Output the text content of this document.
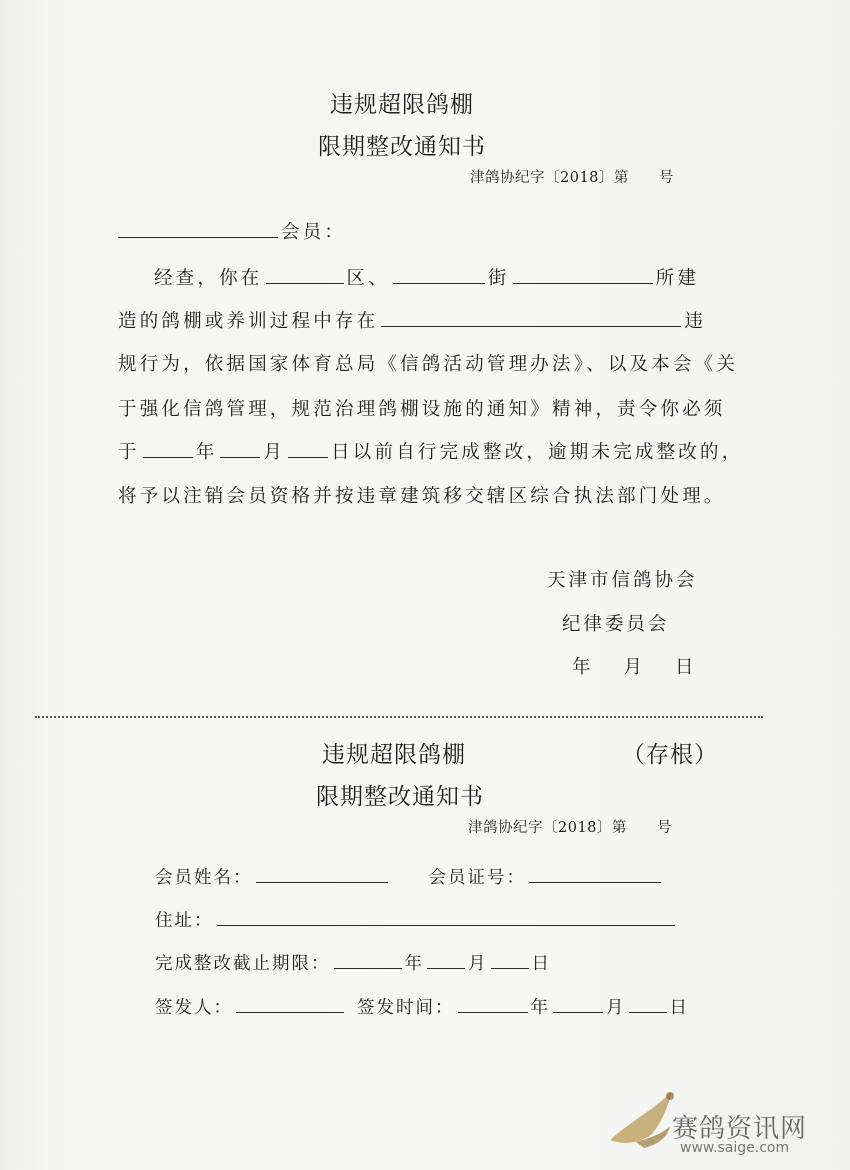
违规超限鸽棚
限期整改通知书
津鸽协纪字〔2018〕第　　号
会员：
经查，你在	区、	街	所建
造的鸽棚或养训过程中存在	违
规行为，依据国家体育总局《信鸽活动管理办法》、以及本会《关
于强化信鸽管理，规范治理鸽棚设施的通知》精神，责令你必须
于	年 月 日以前自行完成整改，逾期未完成整改的，
将予以注销会员资格并按违章建筑移交辖区综合执法部门处理。
天津市信鸽协会
纪律委员会
年 月 日
违规超限鸽棚	（存根）
限期整改通知书
津鸽协纪字〔2018〕第　　号
会员姓名：	会员证号：
住址：
完成整改截止期限：	年	月	日
签发人：	签发时间：	年	月	日
赛鸽资讯网
www.saige.com
